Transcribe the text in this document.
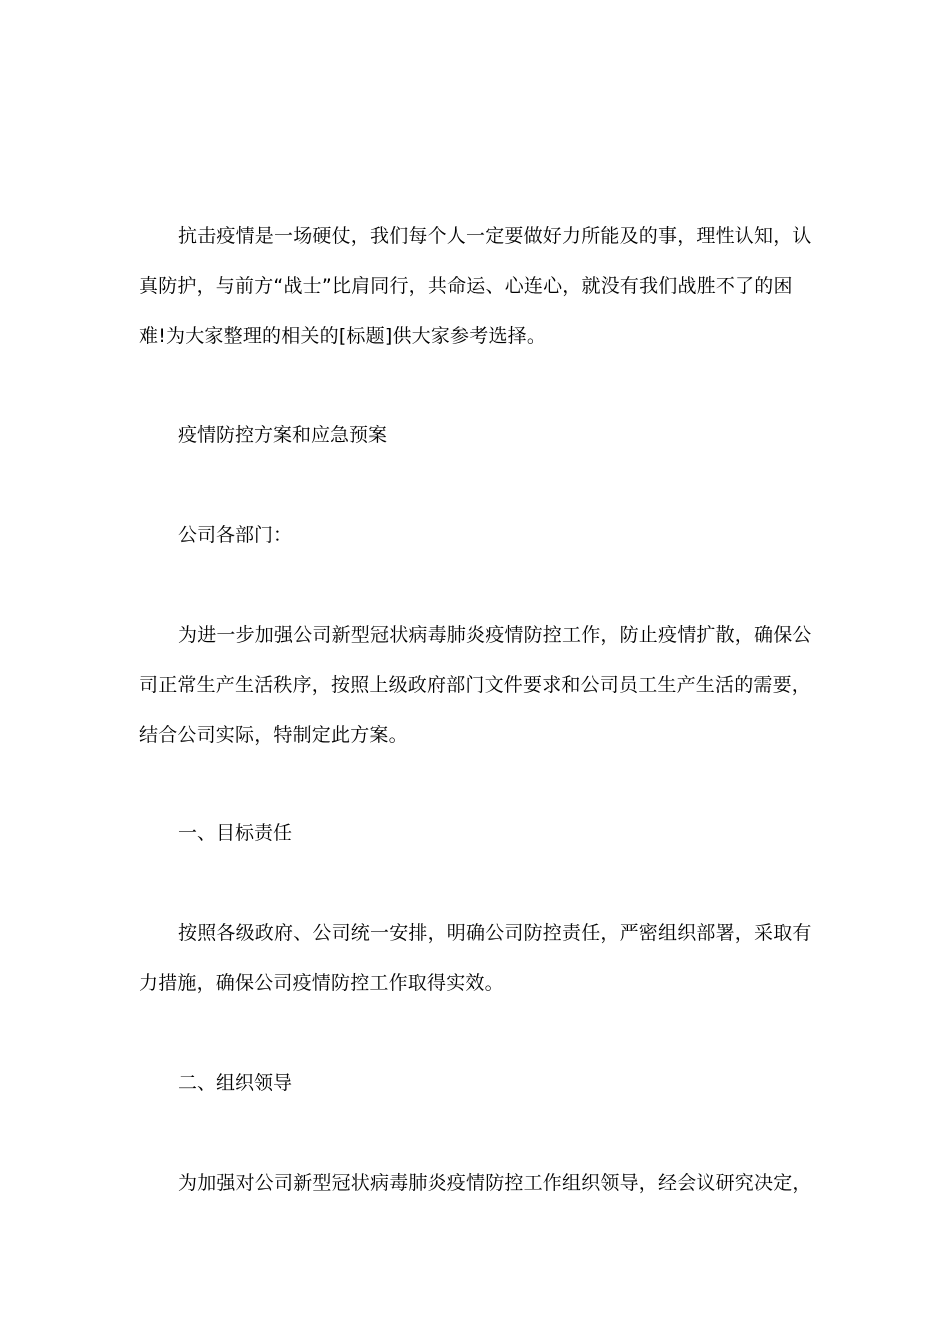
抗击疫情是一场硬仗，我们每个人一定要做好力所能及的事，理性认知，认
真防护，与前方“战士”比肩同行，共命运、心连心，就没有我们战胜不了的困
难!为大家整理的相关的[标题]供大家参考选择。

疫情防控方案和应急预案

公司各部门：

为进一步加强公司新型冠状病毒肺炎疫情防控工作，防止疫情扩散，确保公
司正常生产生活秩序，按照上级政府部门文件要求和公司员工生产生活的需要，
结合公司实际，特制定此方案。

一、目标责任

按照各级政府、公司统一安排，明确公司防控责任，严密组织部署，采取有
力措施，确保公司疫情防控工作取得实效。

二、组织领导

为加强对公司新型冠状病毒肺炎疫情防控工作组织领导，经会议研究决定，
